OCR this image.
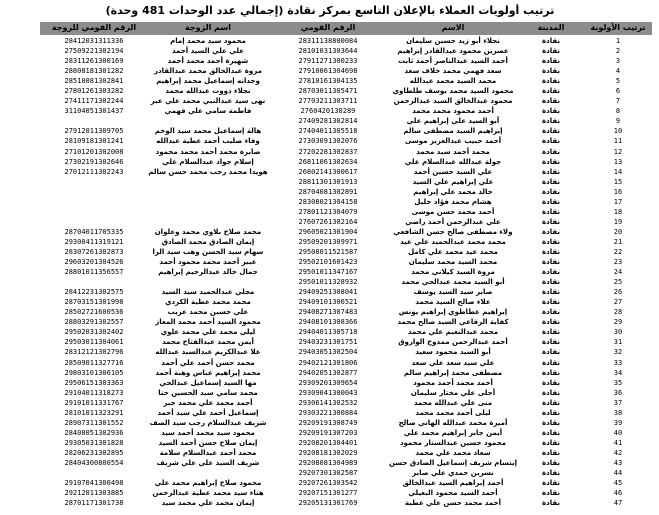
ترتيب أولويات العملاء بالإعلان التاسع بمركز نقادة (إجمالي عدد الوحدات 481 وحدة)
الرقم القومي للزوجة	اسم الزوجة	الرقم القومي	الاسم	المدينة	ترتيب الأولوية
28412031311336	محمود سيد محمد إمام	28311138800084	نجلاء أبو زيد حسين سليمان	نقادة	1
27509221302194	علي علي السيد أحمد	28101031303644	عصرين محمود عبدالقادر إبراهيم	نقادة	2
28311261300169	شهيرة أحمد محمد أحمد	27911271300233	أحمد السيد عبدالناصر أحمد ثابت	نقادة	3
28808181301282	مروة عبدالخالق محمد عبدالقادر	27910061304698	سعد فهمي محمد خلاف سعد	نقادة	4
28510081302841	وجدانه إسماعيل محمد إبراهيم	27810161304135	محمد السيد محمد عبدالله	نقادة	5
27801261303282	نجلاء ذووت عبدالله محمد	28703011305471	محمود السيد محمد يوسف طلطاوي	نقادة	6
27411171302244	نهى سيد عبدالنبي محمد علي عبر	27703211303711	محمود عبدالخالق السيد عبدالرحمن	نقادة	7
31104051301437	فاطمة سامي علي فهمي	2760420130289	أحمد محمود محمد محمد	نقادة	8
		27409281302814	أبو السيد علي إبراهيم علي	نقادة	9
27912011309705	هالة إسماعيل محمد سيد الوخم	27404011305518	إبراهيم السيد مصطفى سالم	نقادة	10
28109181301241	وفاء صليب أحمد عطية عبدالله	27303091302076	أحمد حبيب عبدالعزيز موسى	نقادة	11
27101201302008	صابرة محمد أحمد محمد محمود	27202281302837	محمد أحمد سيد محمد	نقادة	12
27302191302646	إسلام جواد عبدالسلام علي	26811061302634	جولة عبدالله عبدالسلام علي	نقادة	13
27012111302243	هويدا محمد رجب محمد حسن سالم	26802141300617	علي السيد حسين أحمد	نقادة	14
		28811301301913	علي إبراهيم علي السيد	نقادة	15
		28704081302891	خالد محمد علي إبراهيم	نقادة	16
		28308021304158	هشام محمد فؤاد خليل	نقادة	17
		27801121304079	أحمد محمد حسن موسى	نقادة	18
		27607261302164	علي عبدالرحمن أحمد راضي	نقادة	19
28704011705335	محمد صلاح بلاوي محمد وعلوان	29605021301904	ولاء مصطفى صالح حسن الشافعي	نقادة	20
29300411319121	إيمان الصادق محمد الصادق	29509201309971	محمد محمد عبدالحميد علي عبد	نقادة	21
28307261302873	سهام سيد الحسن وهب سيد الرا	29508011521587	محمد عيد محمد علي كامل	نقادة	22
29603201304526	عبير أحمد محمد محمود أحمد	29502101601423	محمد السيد محمد سليمان	نقادة	23
28801011356557	جمال خالد عبدالرحيم إبراهيم	29501011347167	مروة السيد كيلاني محمد	نقادة	24
		29501011328932	أبو السيد محمد عبدالحي محمد	نقادة	25
28412231302575	مجلي عبدالحميد سيد السيد	29409251308041	صابر سيد السيد يوسف	نقادة	26
28703151301998	محمد محمد عطية الكردي	29409101306521	علاء صالح السيد محمد	نقادة	27
28502721600536	علي حسين محمد عريب	29408271307483	إبراهيم عطاطوي إبراهيم يونس	نقادة	28
28803291302557	محمود السيد أحمد محمد المعاز	29408101308366	كفاية الرفاعي السيد صالح محمد	نقادة	29
29502031302402	ليلى محمد علي محمد علوي	29404011305718	محمد عبدالنعيم علي محمد	نقادة	30
29503011304061	أيمن محمد عبدالفتاح محمد	29403231301751	أحمد عبدالرحمن ممدوح الواروق	نقادة	31
28312121302796	علا عبدالكريم عبدالسيد عبدالله	29403051302504	أبو السيد محمود سعيد	نقادة	32
28509011327716	محمد حسن أحمد علي أحمد	29402121301806	علي سيد سعد علي سعد	نقادة	33
29803101306105	محمد إبراهيم عباس وهبة أحمد	29402051302877	مصطفى محمد إبراهيم سالم	نقادة	34
29506151303363	مها السيد إسماعيل عبدالحي	29309201309654	أحمد محمد أحمد محمود	نقادة	35
29104011318273	محمد سامي سيد الحسين حنا	29309041300043	أحلى علي مختار سليمان	نقادة	36
29101011331767	أحمد محمد علي محمد جبر	29306141302532	منى علي عبدالله محمد	نقادة	37
28101011323291	إسماعيل أحمد علي سيد أحمد	29303221300884	ليلى أحمد محمد محمد	نقادة	38
28907311301552	شريف عبدالسلام رجب سيد الصف	29209191308749	أميرة محمد عبدالله الهاني صالح	نقادة	39
28408051302936	محمود سيد محمد أحمد سيد	29209191307203	أيمن جابر إبراهيم محمد علي	نقادة	40
29305031301828	إيمان صلاح حسن أحمد السيد	29208201304401	محمود حسين عبدالستار محمود	نقادة	41
28206231302895	محمد أحمد عبدالسلام سلامة	29208181302029	سعاد محمد علي محمد	نقادة	42
28404300800554	شريف السيد علي علي شريف	29208081304989	إبتسام شريف إسماعيل الصادق حسن	نقادة	43
		29207301302587	نسرين حمدي علي صابر	نقادة	44
29107041300498	محمود صلاح إبراهيم محمد علي	29207261303542	أحمد إبراهيم السيد عبدالخالق	نقادة	45
29212011303885	هناء سيد محمد عطية عبدالرحمن	29207151301277	أحمد السيد محمود البعيلي	نقادة	46
28701171301738	إيمان محمد علي محمد سيد	29205131301769	أحمد محمد حسن علي عطية	نقادة	47
